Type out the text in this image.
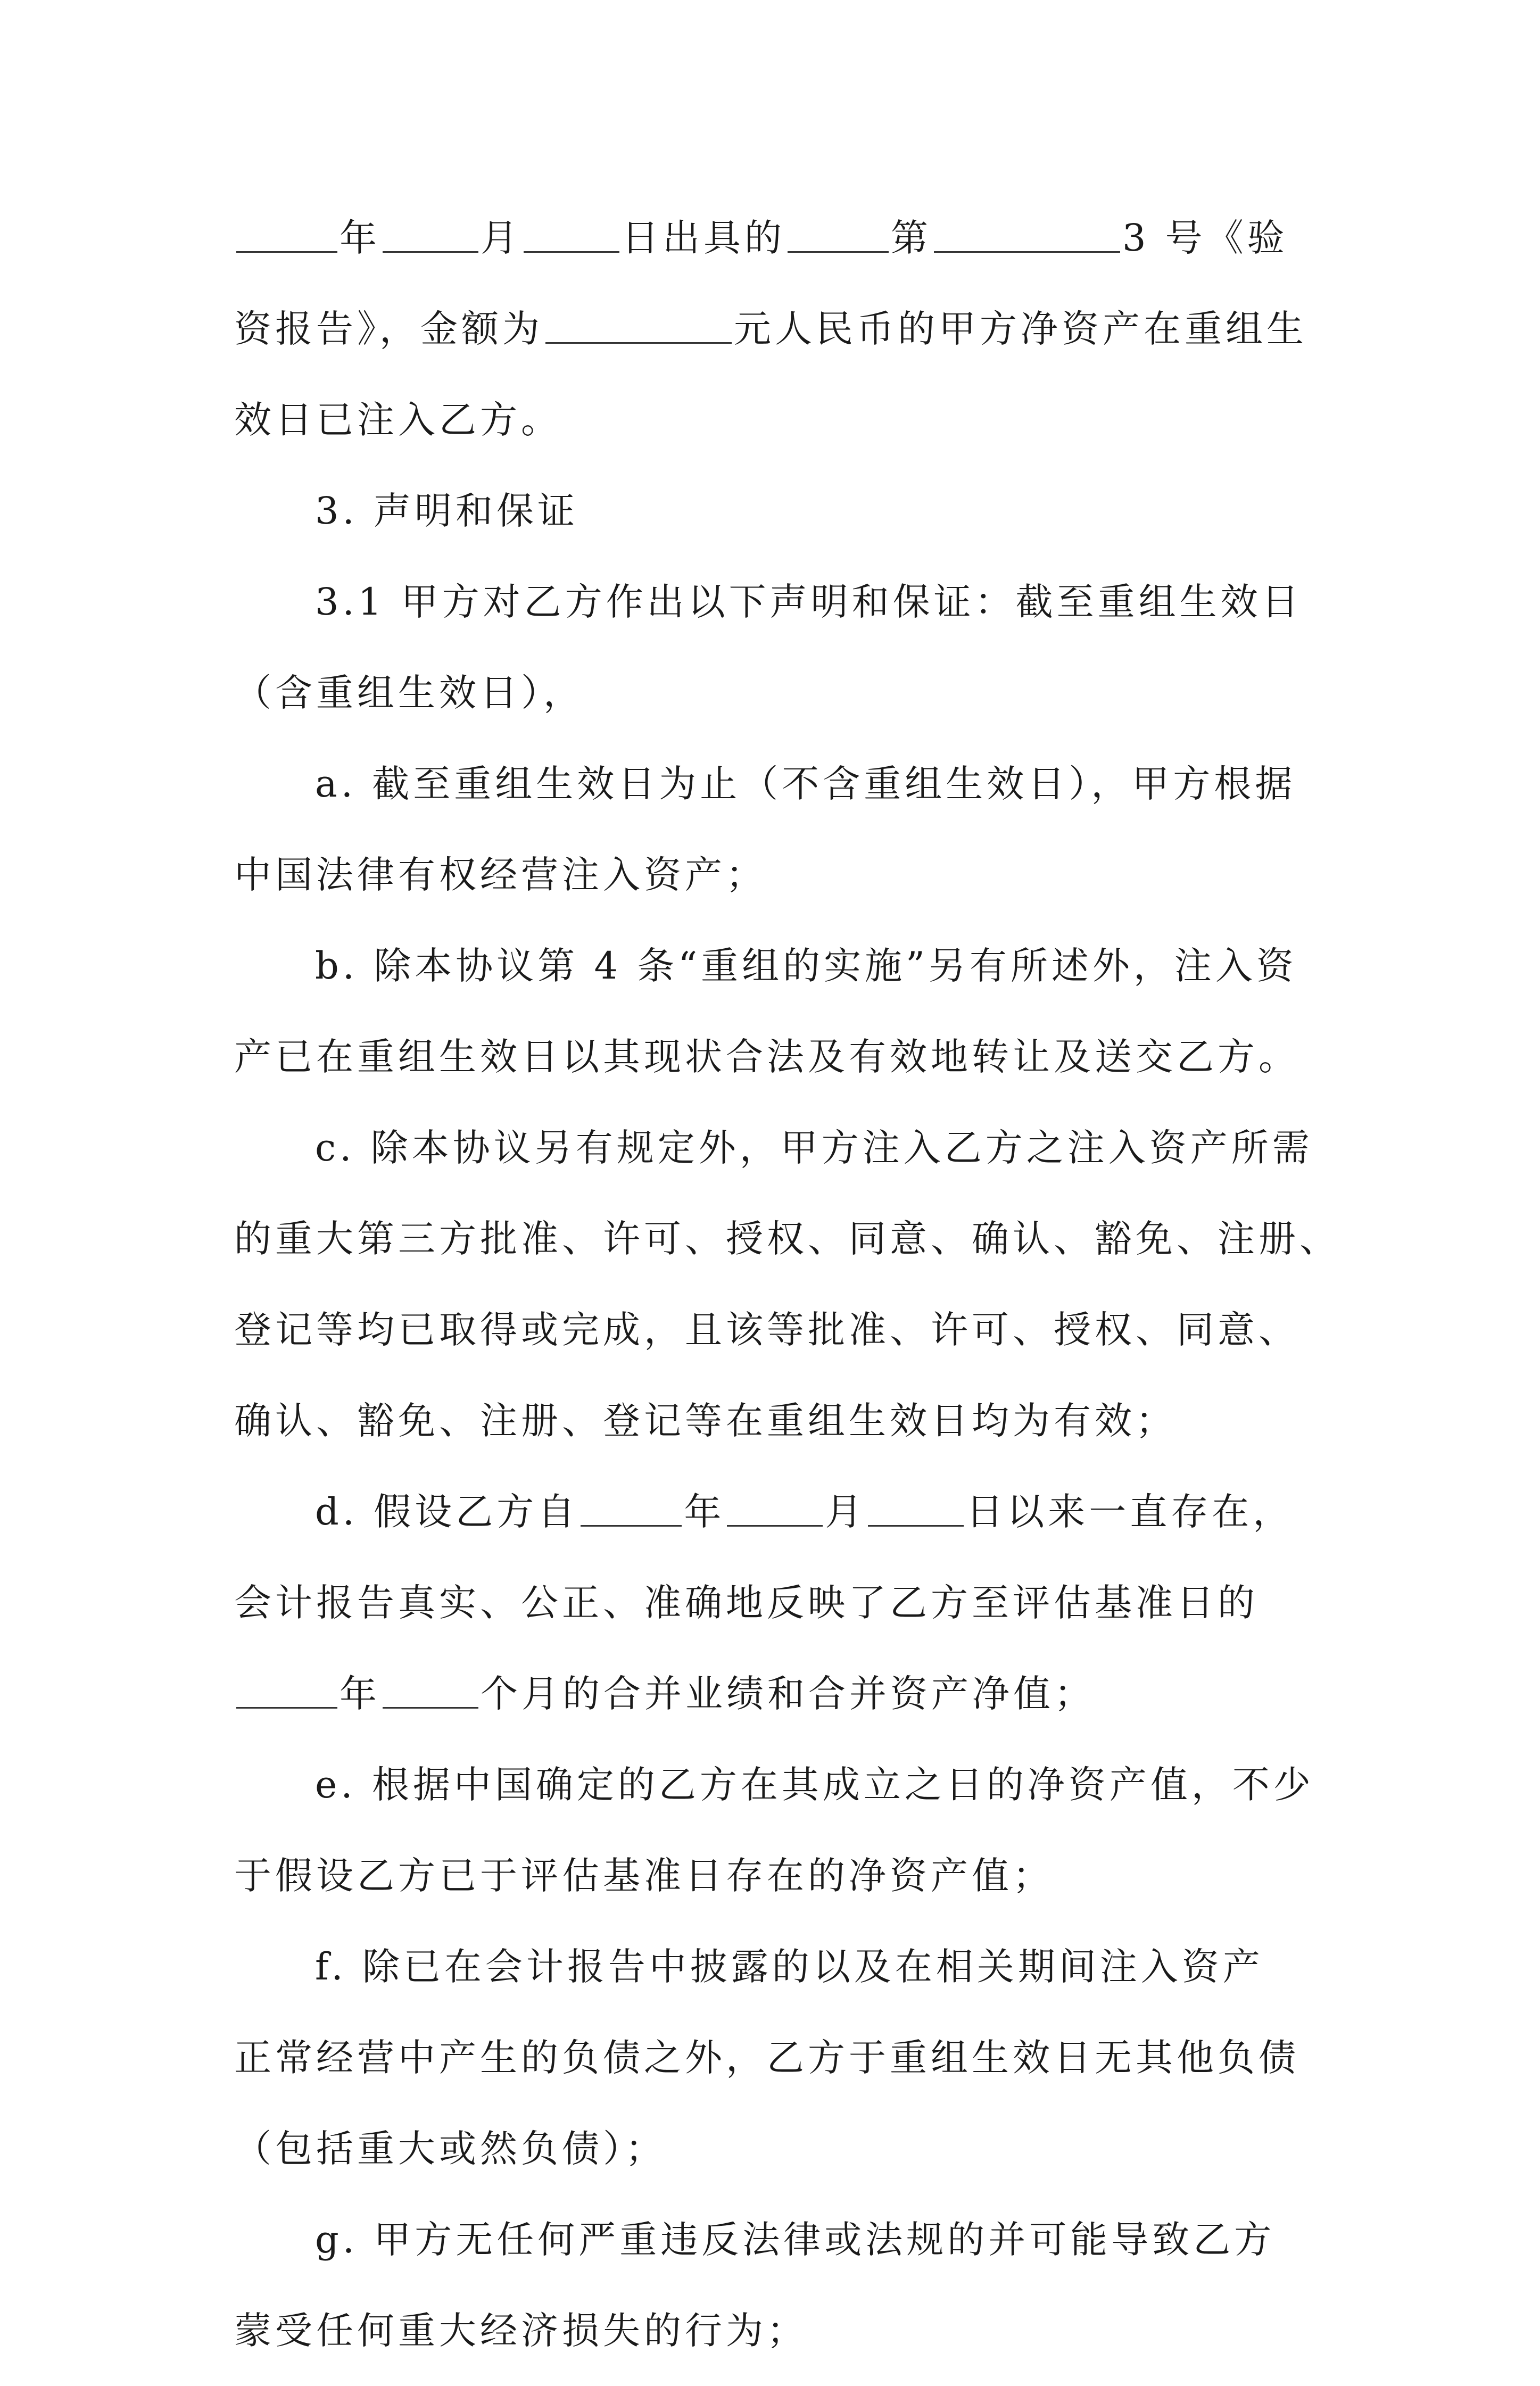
年	月	日出具的	第	3 号《验
资报告》，金额为	元人民币的甲方净资产在重组生
效日已注入乙方。
3. 声明和保证
3.1 甲方对乙方作出以下声明和保证：截至重组生效日
（含重组生效日），
a. 截至重组生效日为止（不含重组生效日），甲方根据
中国法律有权经营注入资产；
b. 除本协议第 4 条“重组的实施”另有所述外，注入资
产已在重组生效日以其现状合法及有效地转让及送交乙方。
c. 除本协议另有规定外，甲方注入乙方之注入资产所需
的重大第三方批准、许可、授权、同意、确认、豁免、注册、
登记等均已取得或完成，且该等批准、许可、授权、同意、
确认、豁免、注册、登记等在重组生效日均为有效；
d. 假设乙方自	年	月	日以来一直存在，
会计报告真实、公正、准确地反映了乙方至评估基准日的
年	个月的合并业绩和合并资产净值；
e. 根据中国确定的乙方在其成立之日的净资产值，不少
于假设乙方已于评估基准日存在的净资产值；
f. 除已在会计报告中披露的以及在相关期间注入资产
正常经营中产生的负债之外，乙方于重组生效日无其他负债
（包括重大或然负债）；
g. 甲方无任何严重违反法律或法规的并可能导致乙方
蒙受任何重大经济损失的行为；
